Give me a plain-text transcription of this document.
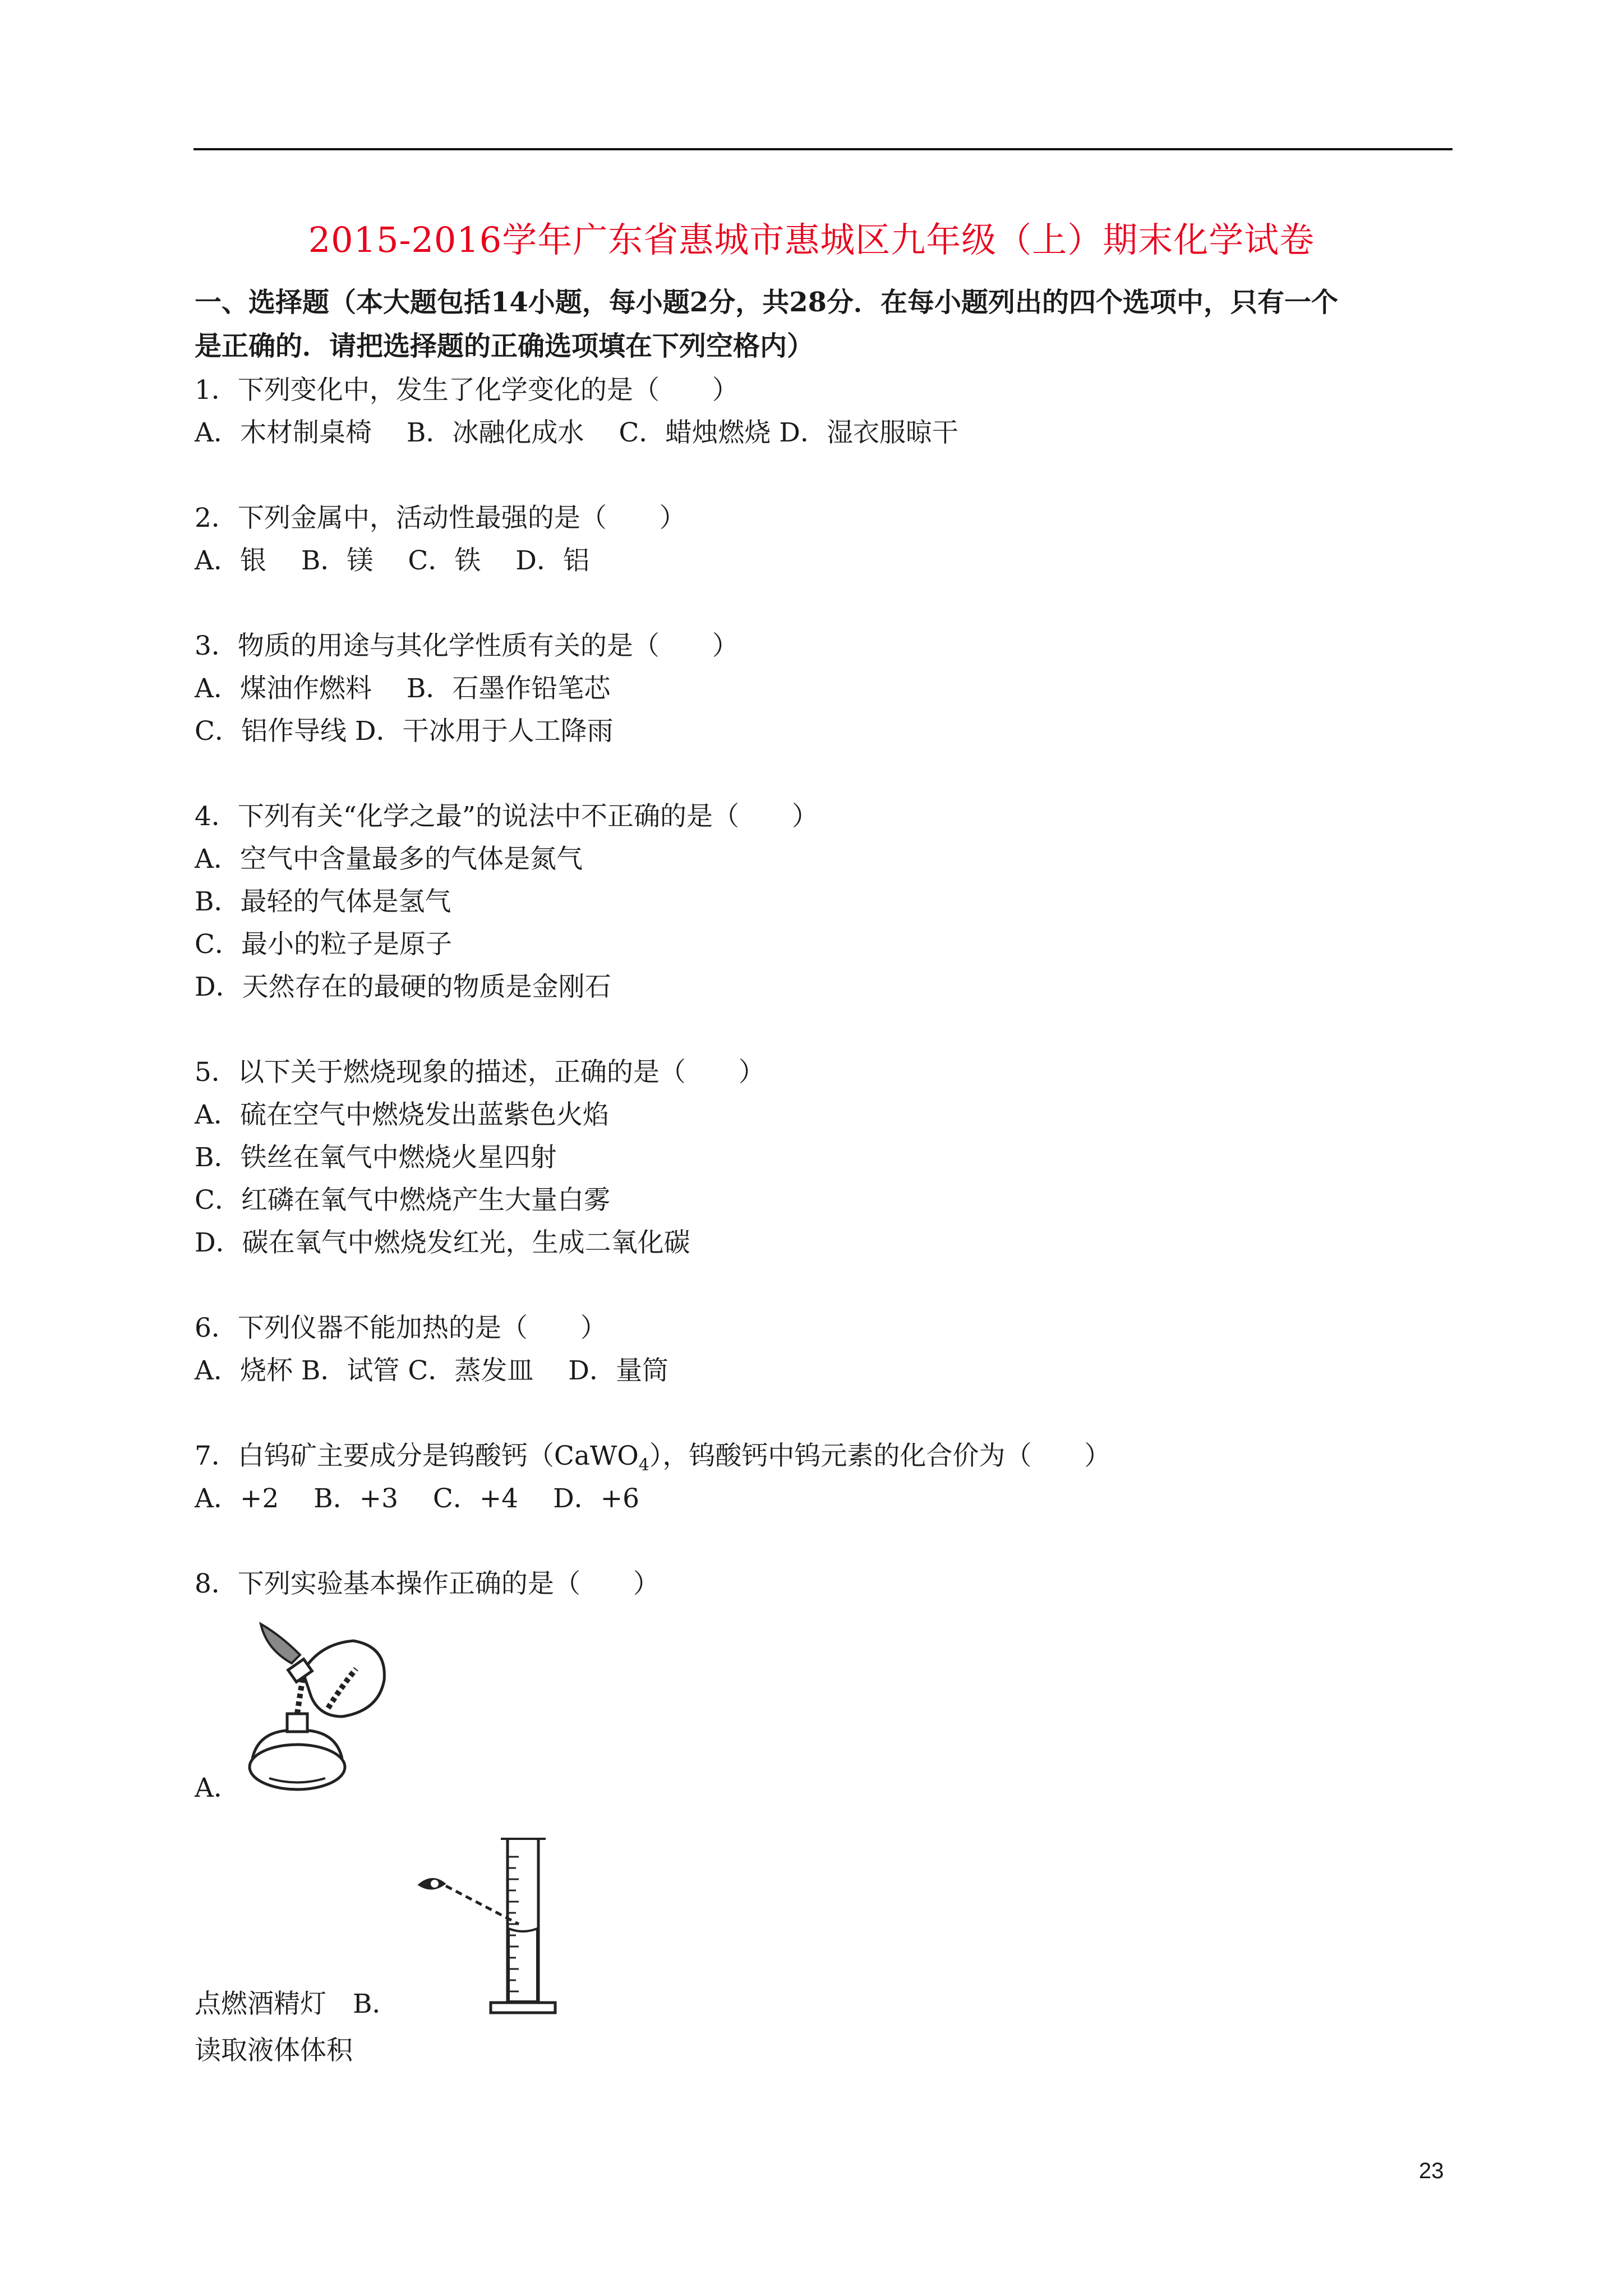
2015-2016学年广东省惠城市惠城区九年级（上）期末化学试卷
一、选择题（本大题包括14小题，每小题2分，共28分．在每小题列出的四个选项中，只有一个
是正确的．请把选择题的正确选项填在下列空格内）
1．下列变化中，发生了化学变化的是（　　）
A．木材制桌椅　 B．冰融化成水　 C．蜡烛燃烧 D．湿衣服晾干
2．下列金属中，活动性最强的是（　　）
A．银　 B．镁　 C．铁　 D．铝
3．物质的用途与其化学性质有关的是（　　）
A．煤油作燃料　 B．石墨作铅笔芯
C．铝作导线 D．干冰用于人工降雨
4．下列有关“化学之最”的说法中不正确的是（　　）
A．空气中含量最多的气体是氮气
B．最轻的气体是氢气
C．最小的粒子是原子
D．天然存在的最硬的物质是金刚石
5．以下关于燃烧现象的描述，正确的是（　　）
A．硫在空气中燃烧发出蓝紫色火焰
B．铁丝在氧气中燃烧火星四射
C．红磷在氧气中燃烧产生大量白雾
D．碳在氧气中燃烧发红光，生成二氧化碳
6．下列仪器不能加热的是（　　）
A．烧杯 B．试管 C．蒸发皿　 D．量筒
7．白钨矿主要成分是钨酸钙（CaWO$_4$），钨酸钙中钨元素的化合价为（　　）
A．+2　 B．+3　 C．+4　 D．+6
8．下列实验基本操作正确的是（　　）
A．
点燃酒精灯　B．
读取液体体积
23
